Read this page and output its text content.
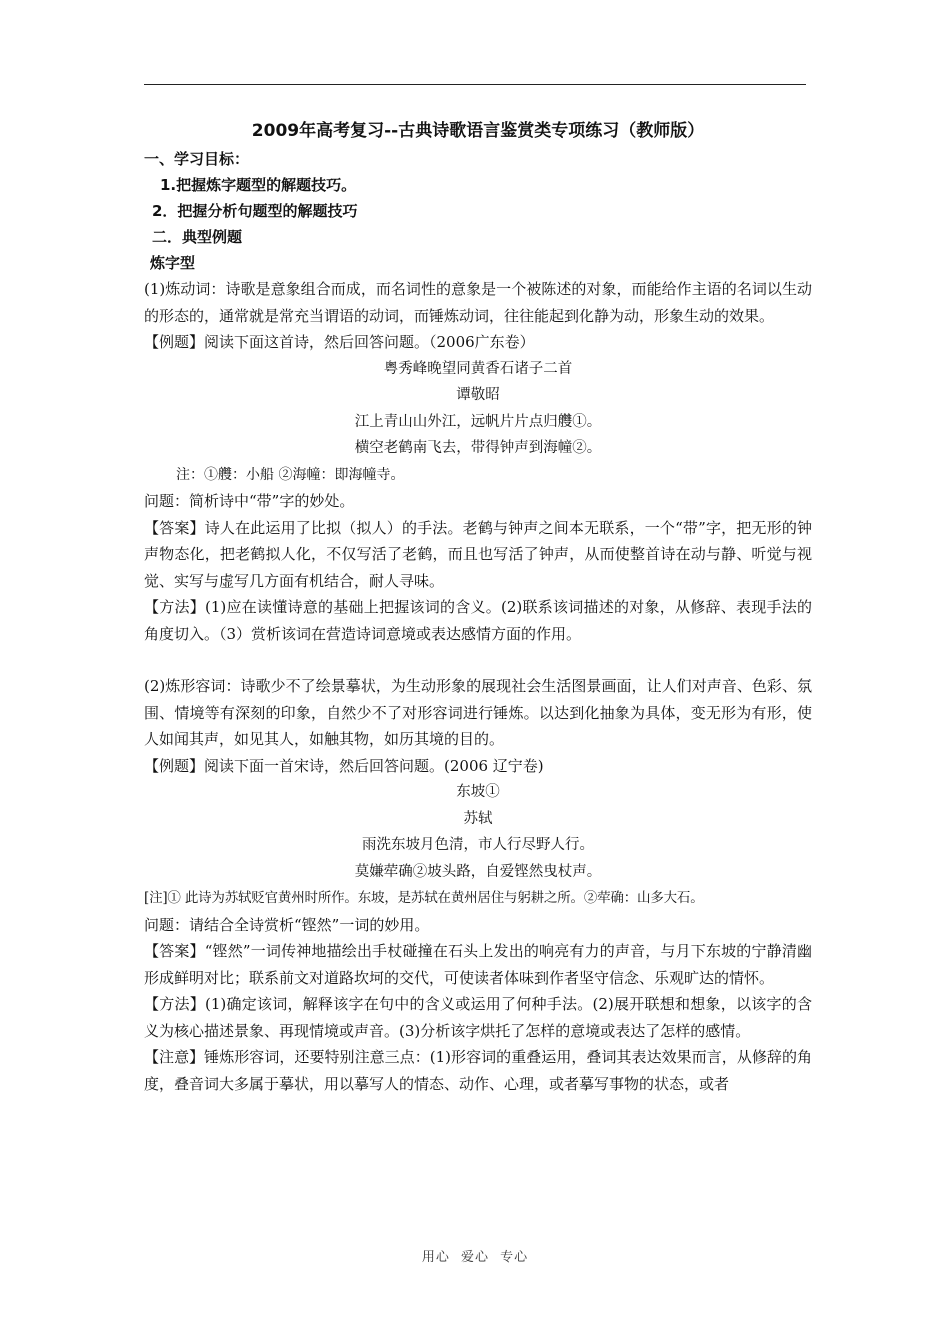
2009年高考复习--古典诗歌语言鉴赏类专项练习（教师版）
一、学习目标：
1.把握炼字题型的解题技巧。
2．把握分析句题型的解题技巧
二．典型例题
炼字型

(1)炼动词：诗歌是意象组合而成，而名词性的意象是一个被陈述的对象，而能给作主语的名词以生动的形态的，通常就是常充当谓语的动词，而锤炼动词，往往能起到化静为动，形象生动的效果。

【例题】阅读下面这首诗，然后回答问题。（2006广东卷）
粤秀峰晚望同黄香石诸子二首
谭敬昭
江上青山山外江，远帆片片点归艭①。
横空老鹤南飞去，带得钟声到海幢②。
注：①艭：小船 ②海幢：即海幢寺。
问题：简析诗中“带”字的妙处。

【答案】诗人在此运用了比拟（拟人）的手法。老鹤与钟声之间本无联系，一个“带”字，把无形的钟声物态化，把老鹤拟人化，不仅写活了老鹤，而且也写活了钟声，从而使整首诗在动与静、听觉与视觉、实写与虚写几方面有机结合，耐人寻味。

【方法】(1)应在读懂诗意的基础上把握该词的含义。(2)联系该词描述的对象，从修辞、表现手法的角度切入。（3）赏析该词在营造诗词意境或表达感情方面的作用。

(2)炼形容词：诗歌少不了绘景摹状，为生动形象的展现社会生活图景画面，让人们对声音、色彩、氛围、情境等有深刻的印象，自然少不了对形容词进行锤炼。以达到化抽象为具体，变无形为有形，使人如闻其声，如见其人，如触其物，如历其境的目的。

【例题】阅读下面一首宋诗，然后回答问题。(2006 辽宁卷)
东坡①
苏轼
雨洗东坡月色清，市人行尽野人行。
莫嫌荦确②坡头路，自爱铿然曳杖声。
[注]① 此诗为苏轼贬官黄州时所作。东坡，是苏轼在黄州居住与躬耕之所。②荦确：山多大石。
问题：请结合全诗赏析“铿然”一词的妙用。

【答案】“铿然”一词传神地描绘出手杖碰撞在石头上发出的响亮有力的声音，与月下东坡的宁静清幽形成鲜明对比；联系前文对道路坎坷的交代，可使读者体味到作者坚守信念、乐观旷达的情怀。

【方法】(1)确定该词，解释该字在句中的含义或运用了何种手法。(2)展开联想和想象，以该字的含义为核心描述景象、再现情境或声音。(3)分析该字烘托了怎样的意境或表达了怎样的感情。

【注意】锤炼形容词，还要特别注意三点：(1)形容词的重叠运用，叠词其表达效果而言，从修辞的角度，叠音词大多属于摹状，用以摹写人的情态、动作、心理，或者摹写事物的状态，或者

用心 爱心 专心
